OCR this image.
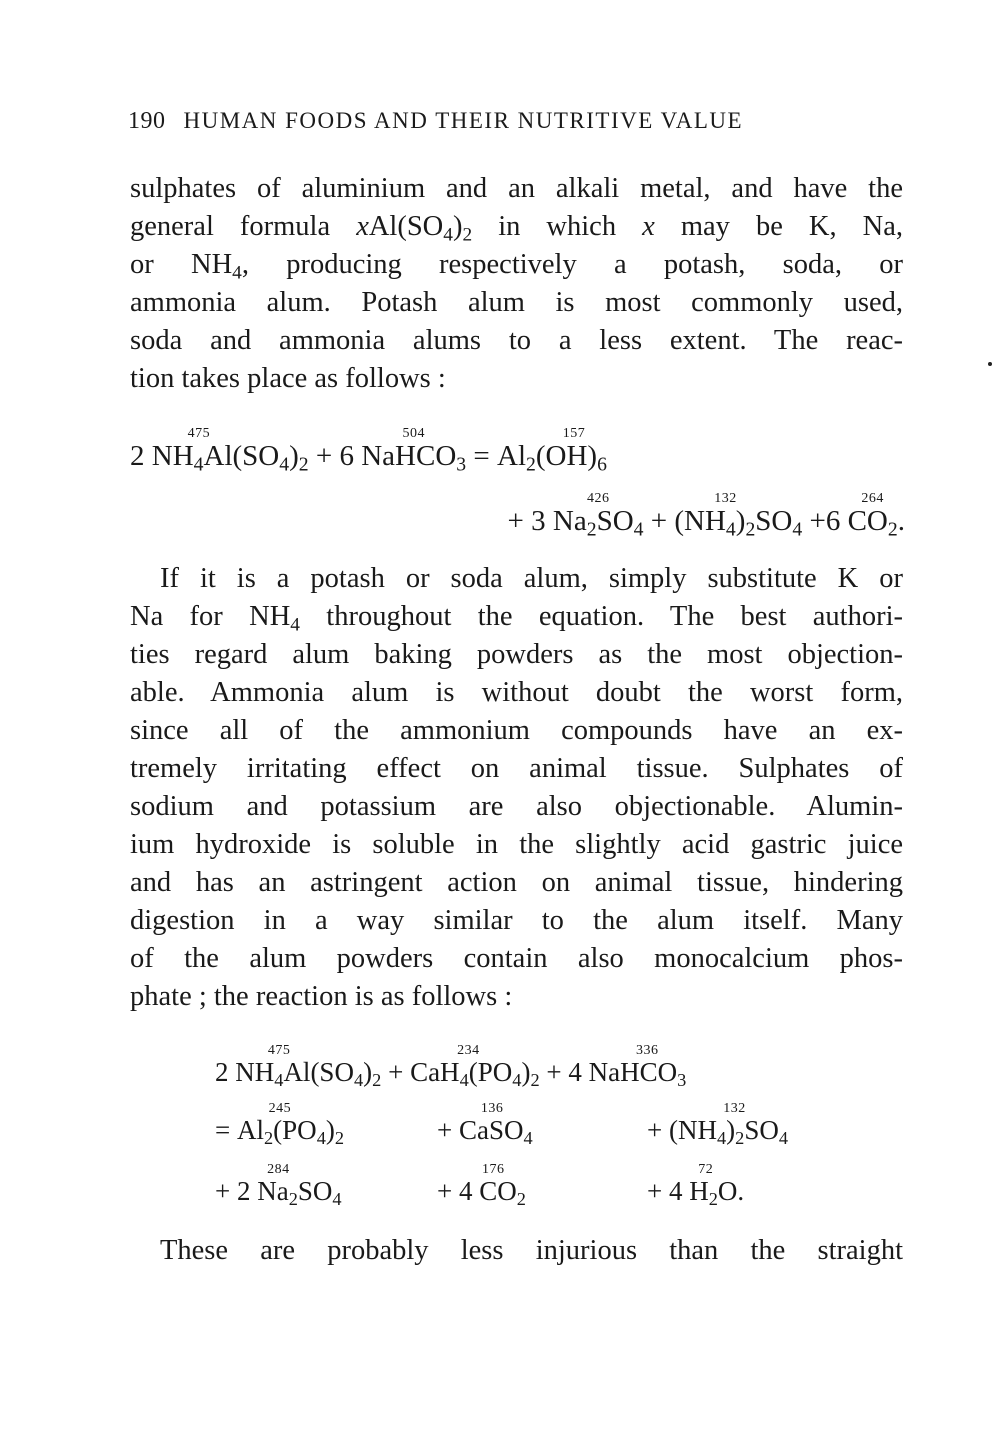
190 HUMAN FOODS AND THEIR NUTRITIVE VALUE
sulphates of aluminium and an alkali metal, and have the
general formula $xAl(SO_4)_2$ in which x may be K, Na,
or $NH_4$, producing respectively a potash, soda, or
ammonia alum. Potash alum is most commonly used,
soda and ammonia alums to a less extent. The reac-
tion takes place as follows :
2 $NH_4Al(SO_4)_2$
475
+ 6 NaHCO$_3$
504
= $Al_2(OH)_6$
157
+ 3 $Na_2SO_4$
426
+ $(NH_4)_2SO_4$
132
+6 $CO_2$
264
.
If it is a potash or soda alum, simply substitute K or
Na for $NH_4$ throughout the equation. The best authori-
ties regard alum baking powders as the most objection-
able. Ammonia alum is without doubt the worst form,
since all of the ammonium compounds have an ex-
tremely irritating effect on animal tissue. Sulphates of
sodium and potassium are also objectionable. Alumin-
ium hydroxide is soluble in the slightly acid gastric juice
and has an astringent action on animal tissue, hindering
digestion in a way similar to the alum itself. Many
of the alum powders contain also monocalcium phos-
phate ; the reaction is as follows :
2 $NH_4Al(SO_4)_2$
475
+ $CaH_4(PO_4)_2$
234
+ 4 NaHCO$_3$
336
= $Al_2(PO_4)_2$
245
+ CaSO$_4$
136
+ $(NH_4)_2SO_4$
132
+ 2 $Na_2SO_4$
284
+ 4 $CO_2$
176
+ 4 $H_2O$.
72
These are probably less injurious than the straight
